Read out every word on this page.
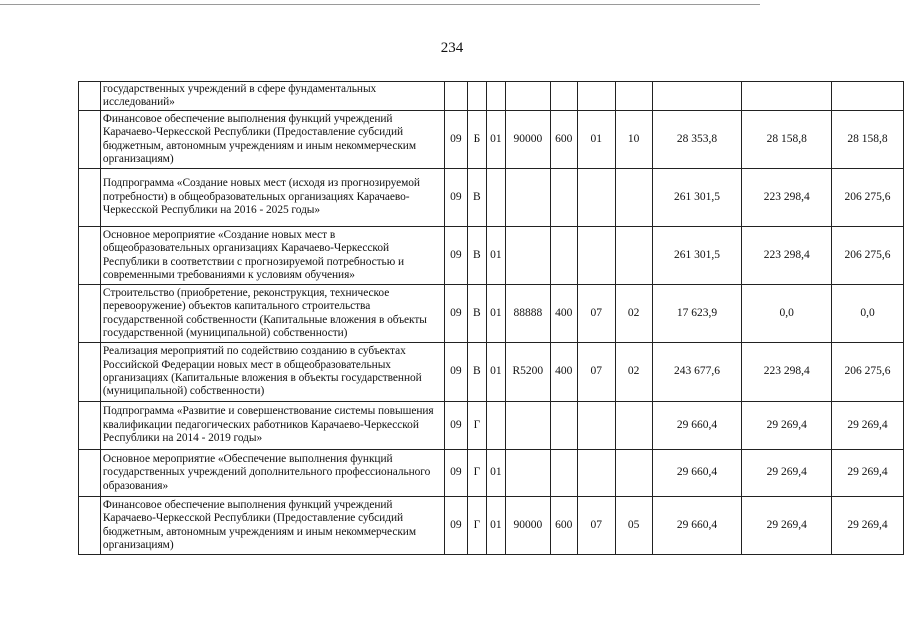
234
	государственных учреждений в сфере фундаментальных исследований»										
	Финансовое обеспечение выполнения функций учреждений Карачаево-Черкесской Республики (Предоставление субсидий бюджетным, автономным учреждениям и иным некоммерческим организациям)	09	Б	01	90000	600	01	10	28 353,8	28 158,8	28 158,8
	Подпрограмма «Создание новых мест (исходя из прогнозируемой потребности) в общеобразовательных организациях Карачаево-Черкесской Республики на 2016 - 2025 годы»	09	В						261 301,5	223 298,4	206 275,6
	Основное мероприятие «Создание новых мест в общеобразовательных организациях Карачаево-Черкесской Республики в соответствии с прогнозируемой потребностью и современными требованиями к условиям обучения»	09	В	01					261 301,5	223 298,4	206 275,6
	Строительство (приобретение, реконструкция, техническое перевооружение) объектов капитального строительства государственной собственности (Капитальные вложения в объекты государственной (муниципальной) собственности)	09	В	01	88888	400	07	02	17 623,9	0,0	0,0
	Реализация мероприятий по содействию созданию в субъектах Российской Федерации новых мест в общеобразовательных организациях (Капитальные вложения в объекты государственной (муниципальной) собственности)	09	В	01	R5200	400	07	02	243 677,6	223 298,4	206 275,6
	Подпрограмма «Развитие и совершенствование системы повышения квалификации педагогических работников Карачаево-Черкесской Республики на 2014 - 2019 годы»	09	Г						29 660,4	29 269,4	29 269,4
	Основное мероприятие «Обеспечение выполнения функций государственных учреждений дополнительного профессионального образования»	09	Г	01					29 660,4	29 269,4	29 269,4
	Финансовое обеспечение выполнения функций учреждений Карачаево-Черкесской Республики (Предоставление субсидий бюджетным, автономным учреждениям и иным некоммерческим организациям)	09	Г	01	90000	600	07	05	29 660,4	29 269,4	29 269,4
